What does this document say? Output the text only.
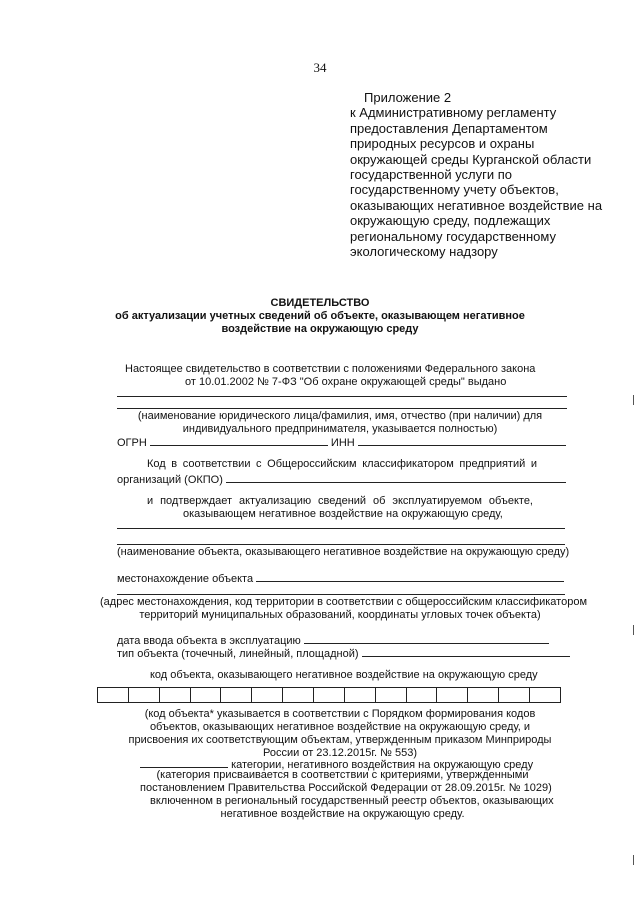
34
Приложение 2
к Административному регламенту
предоставления Департаментом
природных ресурсов и охраны
окружающей среды Курганской области
государственной услуги по
государственному учету объектов,
оказывающих негативное воздействие на
окружающую среду, подлежащих
региональному государственному
экологическому надзору
СВИДЕТЕЛЬСТВО
об актуализации учетных сведений об объекте, оказывающем негативное
воздействие на окружающую среду
Настоящее свидетельство в соответствии с положениями Федерального закона
от 10.01.2002 № 7-ФЗ "Об охране окружающей среды" выдано
(наименование юридического лица/фамилия, имя, отчество (при наличии) для
индивидуального предпринимателя, указывается полностью)
ОГРН	ИНН
Код в соответствии с Общероссийским классификатором предприятий и
организаций (ОКПО)
и подтверждает актуализацию сведений об эксплуатируемом объекте,
оказывающем негативное воздействие на окружающую среду,
(наименование объекта, оказывающего негативное воздействие на окружающую среду)
местонахождение объекта
(адрес местонахождения, код территории в соответствии с общероссийским классификатором
территорий муниципальных образований, координаты угловых точек объекта)
дата ввода объекта в эксплуатацию
тип объекта (точечный, линейный, площадной)
код объекта, оказывающего негативное воздействие на окружающую среду
(код объекта* указывается в соответствии с Порядком формирования кодов
объектов, оказывающих негативное воздействие на окружающую среду, и
присвоения их соответствующим объектам, утвержденным приказом Минприроды
России от 23.12.2015г. № 553)
категории, негативного воздействия на окружающую среду
(категория присваивается в соответствии с критериями, утвержденными
постановлением Правительства Российской Федерации от 28.09.2015г. № 1029)
включенном в региональный государственный реестр объектов, оказывающих
негативное воздействие на окружающую среду.
